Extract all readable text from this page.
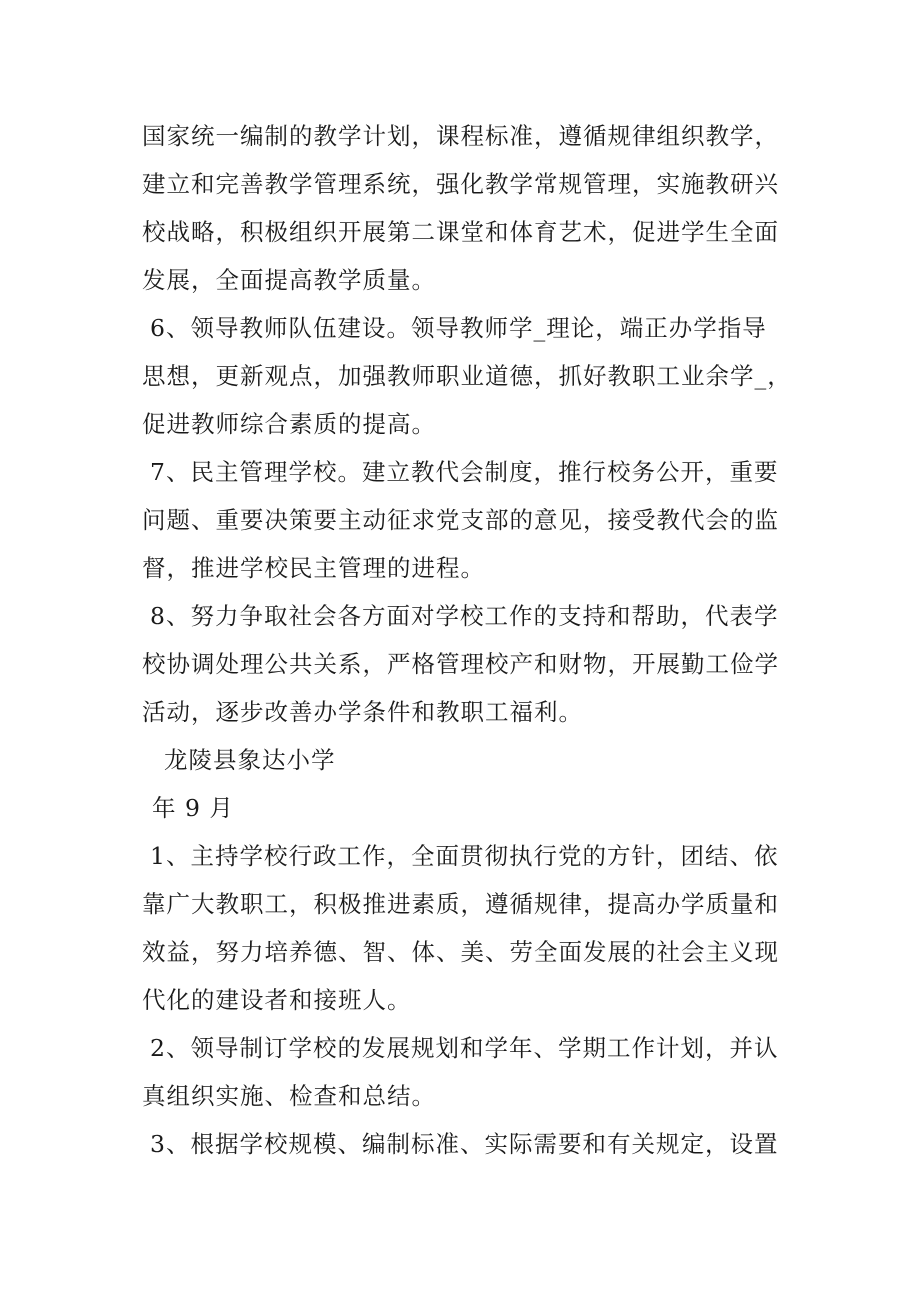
国家统一编制的教学计划，课程标准，遵循规律组织教学，
建立和完善教学管理系统，强化教学常规管理，实施教研兴
校战略，积极组织开展第二课堂和体育艺术，促进学生全面
发展，全面提高教学质量。
6、领导教师队伍建设。领导教师学_理论，端正办学指导
思想，更新观点，加强教师职业道德，抓好教职工业余学_，
促进教师综合素质的提高。
7、民主管理学校。建立教代会制度，推行校务公开，重要
问题、重要决策要主动征求党支部的意见，接受教代会的监
督，推进学校民主管理的进程。
8、努力争取社会各方面对学校工作的支持和帮助，代表学
校协调处理公共关系，严格管理校产和财物，开展勤工俭学
活动，逐步改善办学条件和教职工福利。
龙陵县象达小学
年 9 月
1、主持学校行政工作，全面贯彻执行党的方针，团结、依
靠广大教职工，积极推进素质，遵循规律，提高办学质量和
效益，努力培养德、智、体、美、劳全面发展的社会主义现
代化的建设者和接班人。
2、领导制订学校的发展规划和学年、学期工作计划，并认
真组织实施、检查和总结。
3、根据学校规模、编制标准、实际需要和有关规定，设置
